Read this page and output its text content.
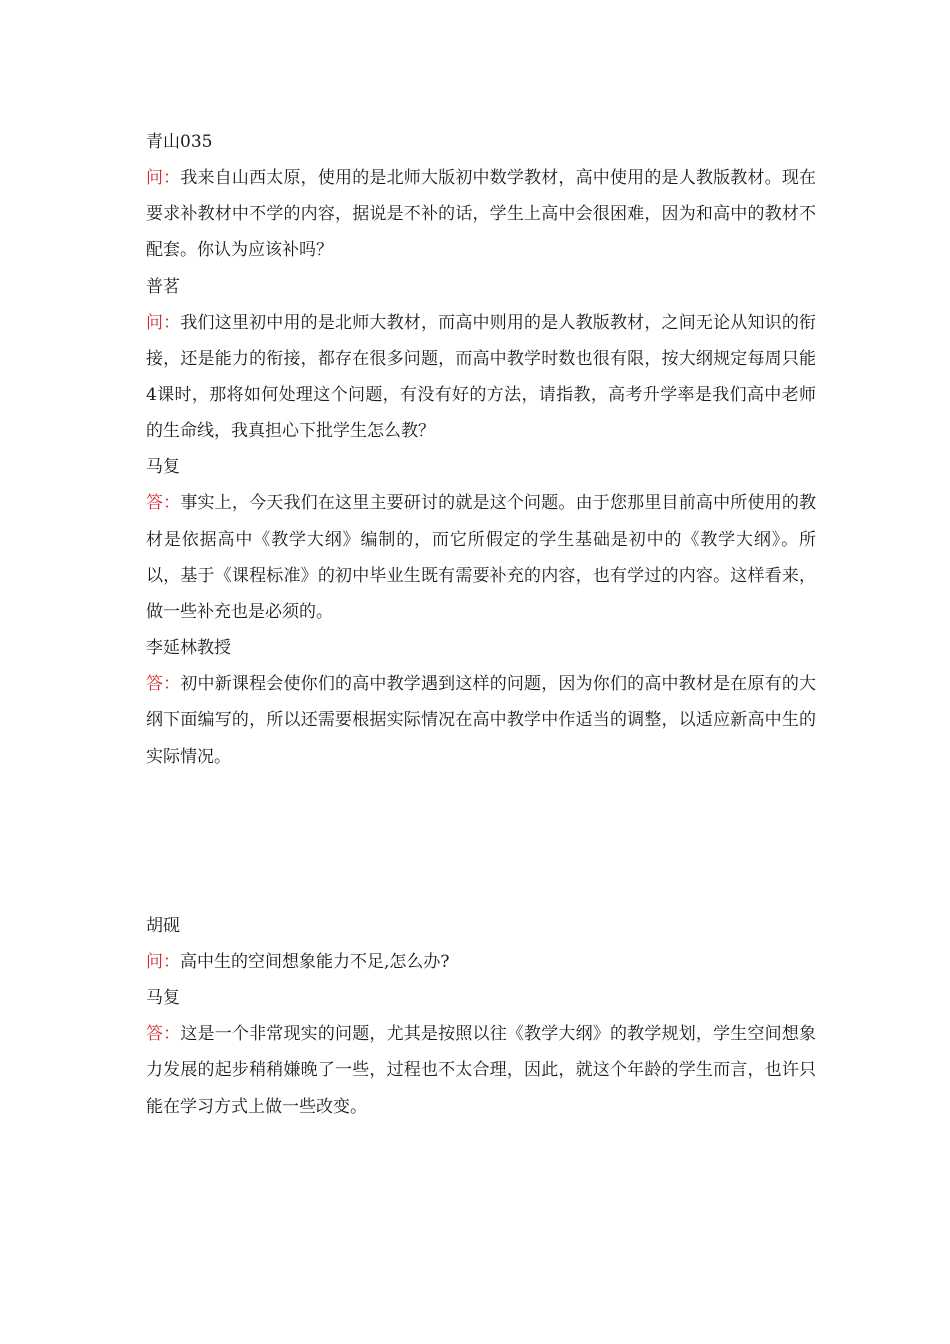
青山035
问：我来自山西太原，使用的是北师大版初中数学教材，高中使用的是人教版教材。现在要求补教材中不学的内容，据说是不补的话，学生上高中会很困难，因为和高中的教材不配套。你认为应该补吗？
普茗
问：我们这里初中用的是北师大教材，而高中则用的是人教版教材，之间无论从知识的衔接，还是能力的衔接，都存在很多问题，而高中教学时数也很有限，按大纲规定每周只能4课时，那将如何处理这个问题，有没有好的方法，请指教，高考升学率是我们高中老师的生命线，我真担心下批学生怎么教？
马复
答：事实上，今天我们在这里主要研讨的就是这个问题。由于您那里目前高中所使用的教材是依据高中《教学大纲》编制的，而它所假定的学生基础是初中的《教学大纲》。所以，基于《课程标准》的初中毕业生既有需要补充的内容，也有学过的内容。这样看来，做一些补充也是必须的。
李延林教授
答：初中新课程会使你们的高中教学遇到这样的问题，因为你们的高中教材是在原有的大纲下面编写的，所以还需要根据实际情况在高中教学中作适当的调整，以适应新高中生的实际情况。
胡砚
问：高中生的空间想象能力不足,怎么办?
马复
答：这是一个非常现实的问题，尤其是按照以往《教学大纲》的教学规划，学生空间想象力发展的起步稍稍嫌晚了一些，过程也不太合理，因此，就这个年龄的学生而言，也许只能在学习方式上做一些改变。
